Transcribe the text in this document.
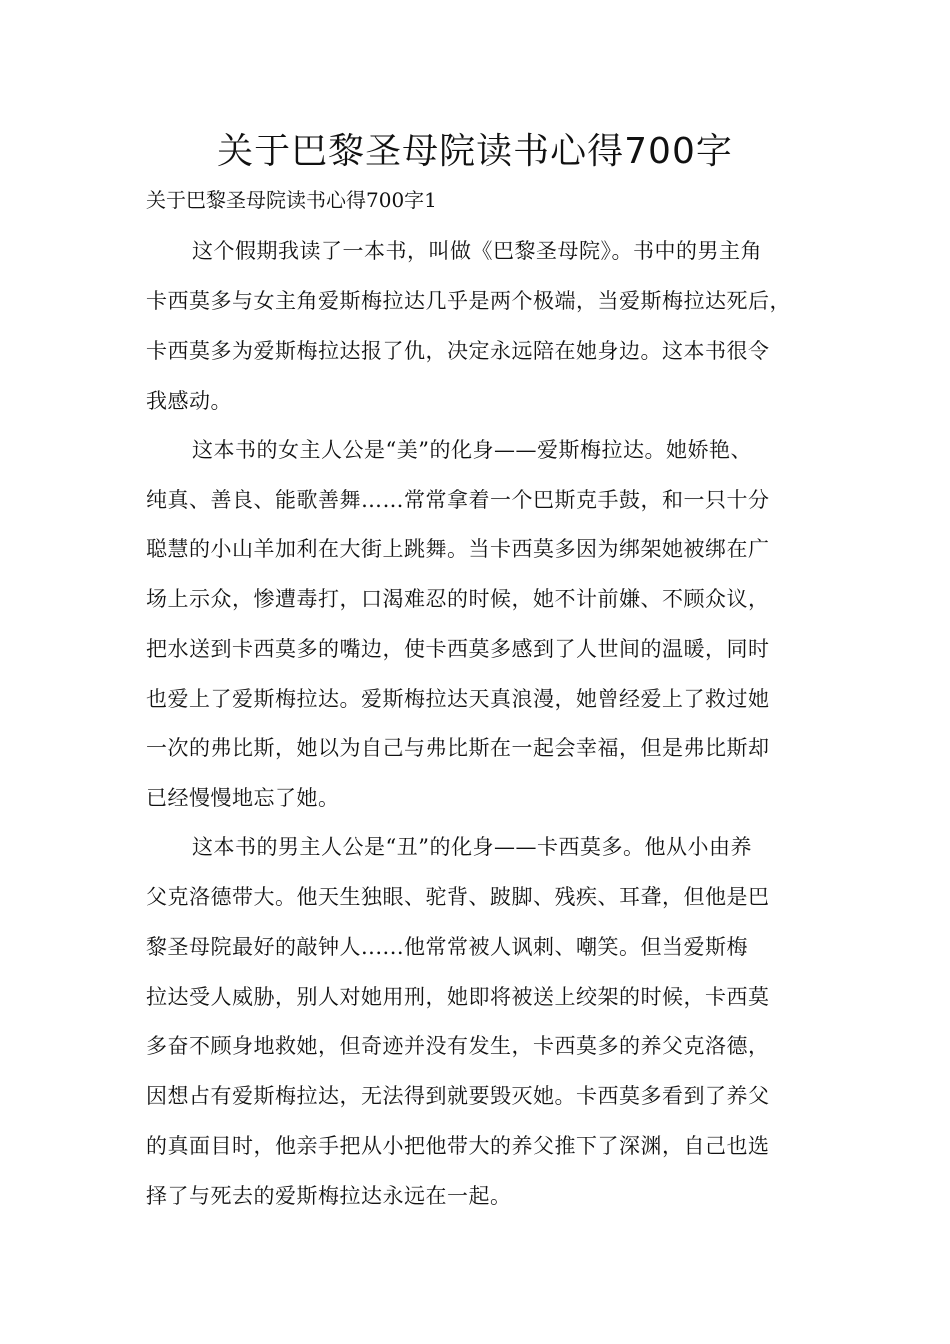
关于巴黎圣母院读书心得700字

关于巴黎圣母院读书心得700字1

这个假期我读了一本书，叫做《巴黎圣母院》。书中的男主角

卡西莫多与女主角爱斯梅拉达几乎是两个极端，当爱斯梅拉达死后，

卡西莫多为爱斯梅拉达报了仇，决定永远陪在她身边。这本书很令

我感动。

这本书的女主人公是“美”的化身——爱斯梅拉达。她娇艳、

纯真、善良、能歌善舞……常常拿着一个巴斯克手鼓，和一只十分

聪慧的小山羊加利在大街上跳舞。当卡西莫多因为绑架她被绑在广

场上示众，惨遭毒打，口渴难忍的时候，她不计前嫌、不顾众议，

把水送到卡西莫多的嘴边，使卡西莫多感到了人世间的温暖，同时

也爱上了爱斯梅拉达。爱斯梅拉达天真浪漫，她曾经爱上了救过她

一次的弗比斯，她以为自己与弗比斯在一起会幸福，但是弗比斯却

已经慢慢地忘了她。

这本书的男主人公是“丑”的化身——卡西莫多。他从小由养

父克洛德带大。他天生独眼、驼背、跛脚、残疾、耳聋，但他是巴

黎圣母院最好的敲钟人......他常常被人讽刺、嘲笑。但当爱斯梅

拉达受人威胁，别人对她用刑，她即将被送上绞架的时候，卡西莫

多奋不顾身地救她，但奇迹并没有发生，卡西莫多的养父克洛德，

因想占有爱斯梅拉达，无法得到就要毁灭她。卡西莫多看到了养父

的真面目时，他亲手把从小把他带大的养父推下了深渊，自己也选

择了与死去的爱斯梅拉达永远在一起。
